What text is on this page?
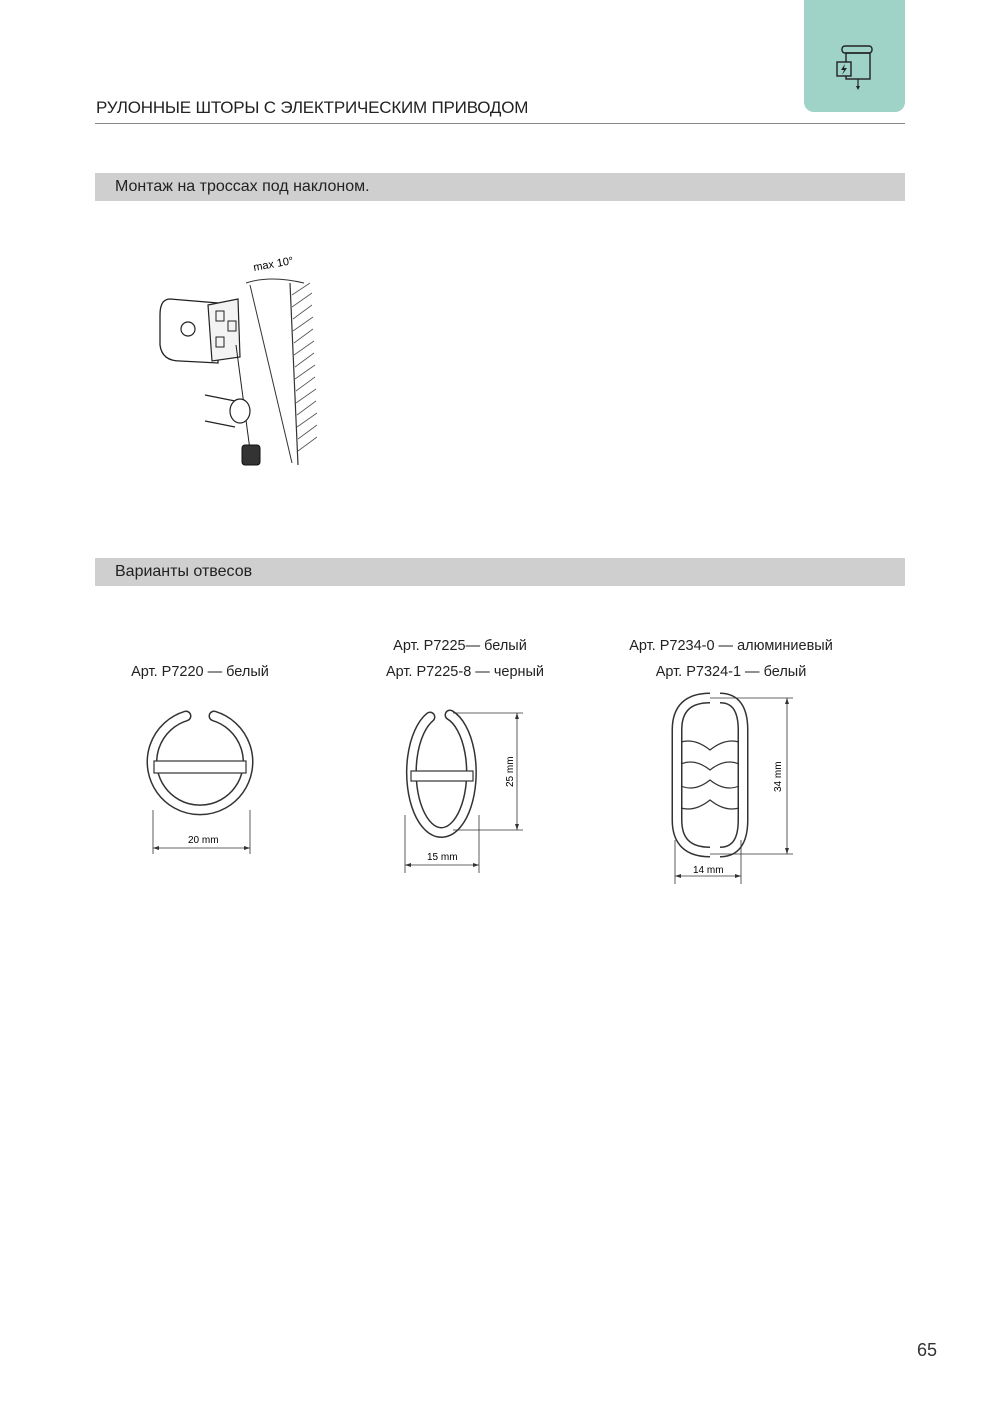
РУЛОННЫЕ ШТОРЫ С ЭЛЕКТРИЧЕСКИМ ПРИВОДОМ
Монтаж на троссах под наклоном.
max 10°
Варианты отвесов
Арт. P7220 — белый
20 mm
Арт. P7225— белый
Арт. P7225-8 — черный
25 mm
15 mm
Арт. P7234-0 — алюминиевый
Арт. P7324-1 — белый
34 mm
14 mm
65
